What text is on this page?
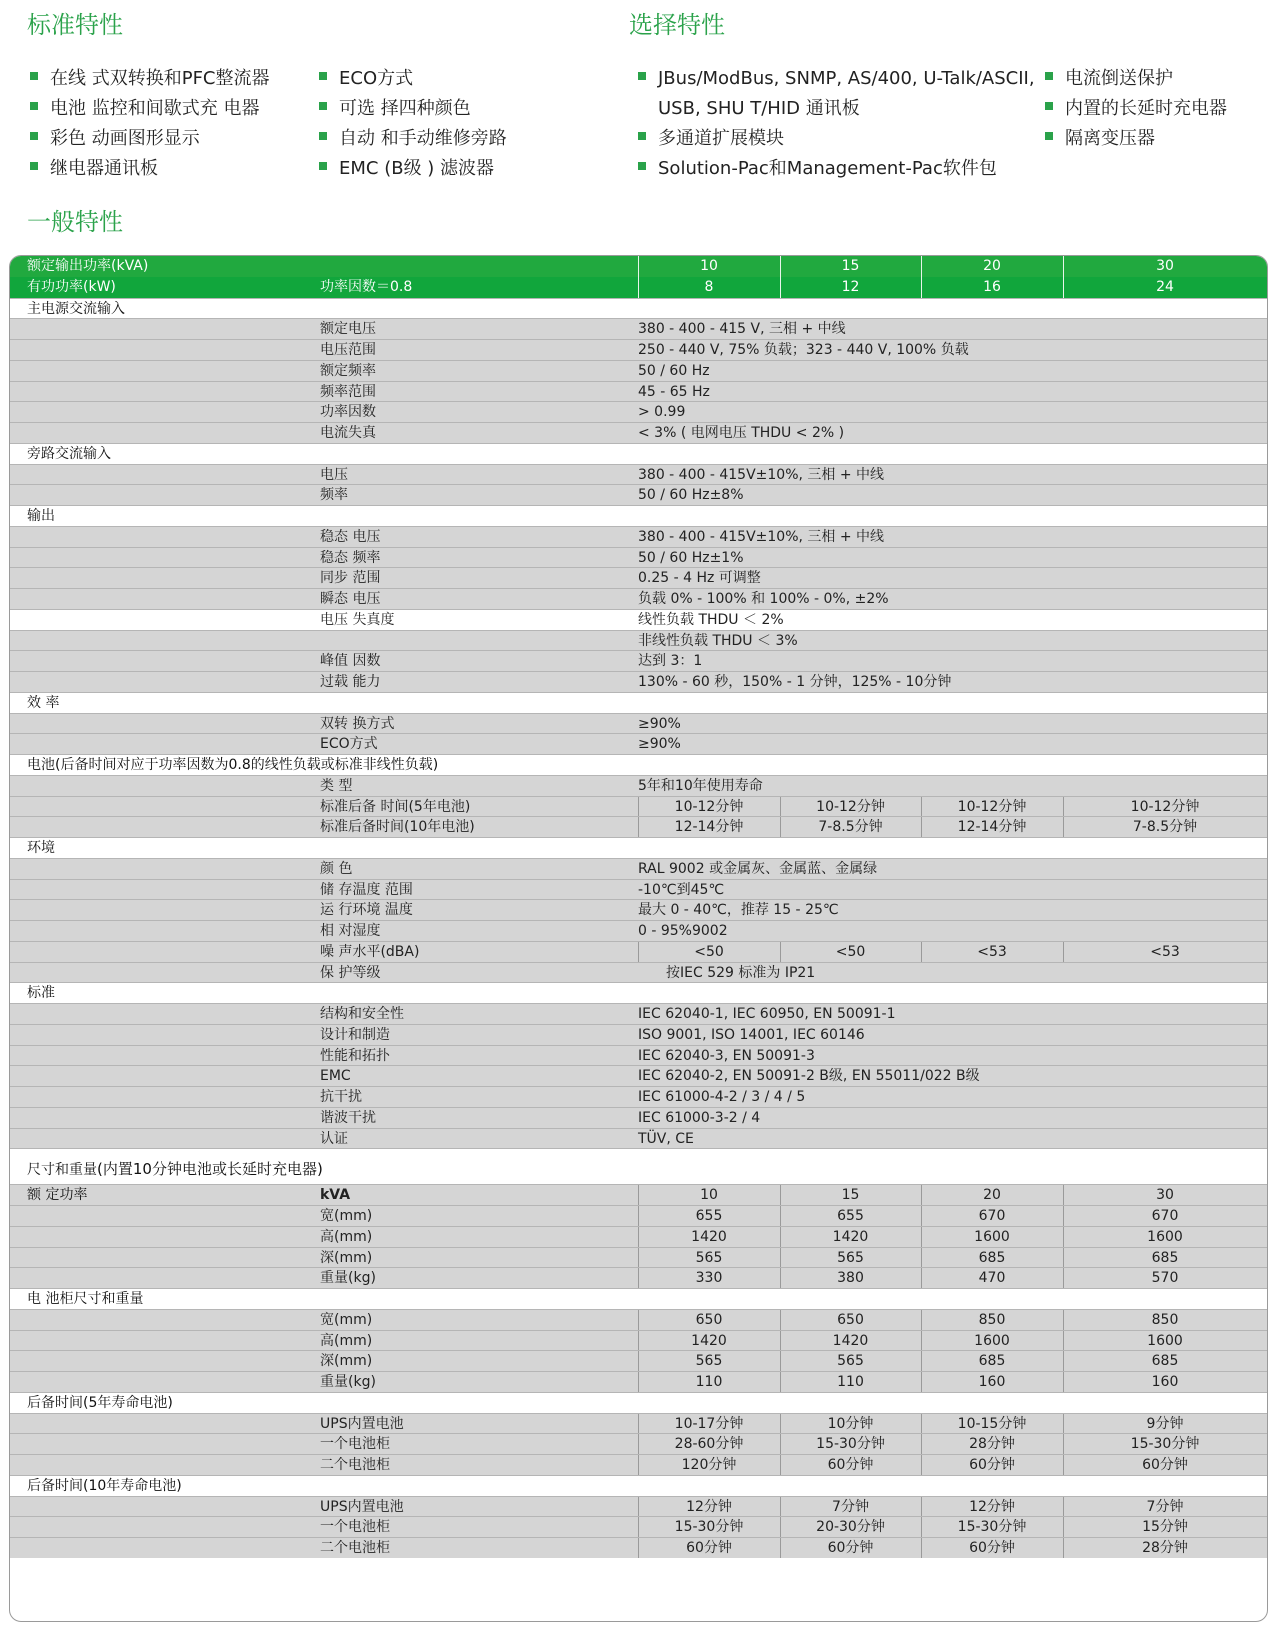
标准特性	选择特性
一般特性
在线 式双转换和PFC整流器
电池 监控和间歇式充 电器
彩色 动画图形显示
继电器通讯板
ECO方式
可选 择四种颜色
自动 和手动维修旁路
EMC (B级 ) 滤波器
JBus/ModBus, SNMP, AS/400, U-Talk/ASCII,
USB, SHU T/HID 通讯板
多通道扩展模块
Solution-Pac和Management-Pac软件包
电流倒送保护
内置的长延时充电器
隔离变压器
额定输出功率(kVA)	10	15	20	30
有功功率(kW)	功率因数＝0.8	8	12	16	24
主电源交流输入
额定电压	380 - 400 - 415 V, 三相 + 中线
电压范围	250 - 440 V, 75% 负载；323 - 440 V, 100% 负载
额定频率	50 / 60 Hz
频率范围	45 - 65 Hz
功率因数	> 0.99
电流失真	< 3% ( 电网电压 THDU < 2% )
旁路交流输入
电压	380 - 400 - 415V±10%, 三相 + 中线
频率	50 / 60 Hz±8%
输出
稳态 电压	380 - 400 - 415V±10%, 三相 + 中线
稳态 频率	50 / 60 Hz±1%
同步 范围	0.25 - 4 Hz 可调整
瞬态 电压	负载 0% - 100% 和 100% - 0%, ±2%
电压 失真度	线性负载 THDU ＜ 2%
非线性负载 THDU ＜ 3%
峰值 因数	达到 3：1
过载 能力	130% - 60 秒，150% - 1 分钟，125% - 10分钟
效 率
双转 换方式	≥90%
ECO方式	≥90%
电池(后备时间对应于功率因数为0.8的线性负载或标准非线性负载)
类 型	5年和10年使用寿命
标准后备 时间(5年电池)	10-12分钟	10-12分钟	10-12分钟	10-12分钟
标准后备时间(10年电池)	12-14分钟	7-8.5分钟	12-14分钟	7-8.5分钟
环境
颜 色	RAL 9002 或金属灰、金属蓝、金属绿
储 存温度 范围	-10℃到45℃
运 行环境 温度	最大 0 - 40℃，推荐 15 - 25℃
相 对湿度	0 - 95%9002
噪 声水平(dBA)	<50	<50	<53	<53
保 护等级	按IEC 529 标准为 IP21
标准
结构和安全性	IEC 62040-1, IEC 60950, EN 50091-1
设计和制造	ISO 9001, ISO 14001, IEC 60146
性能和拓扑	IEC 62040-3, EN 50091-3
EMC	IEC 62040-2, EN 50091-2 B级, EN 55011/022 B级
抗干扰	IEC 61000-4-2 / 3 / 4 / 5
谐波干扰	IEC 61000-3-2 / 4
认证	TÜV, CE
尺寸和重量(内置10分钟电池或长延时充电器)
额 定功率	kVA	10	15	20	30
宽(mm)	655	655	670	670
高(mm)	1420	1420	1600	1600
深(mm)	565	565	685	685
重量(kg)	330	380	470	570
电 池柜尺寸和重量
宽(mm)	650	650	850	850
高(mm)	1420	1420	1600	1600
深(mm)	565	565	685	685
重量(kg)	110	110	160	160
后备时间(5年寿命电池)
UPS内置电池	10-17分钟	10分钟	10-15分钟	9分钟
一个电池柜	28-60分钟	15-30分钟	28分钟	15-30分钟
二个电池柜	120分钟	60分钟	60分钟	60分钟
后备时间(10年寿命电池)
UPS内置电池	12分钟	7分钟	12分钟	7分钟
一个电池柜	15-30分钟	20-30分钟	15-30分钟	15分钟
二个电池柜	60分钟	60分钟	60分钟	28分钟
